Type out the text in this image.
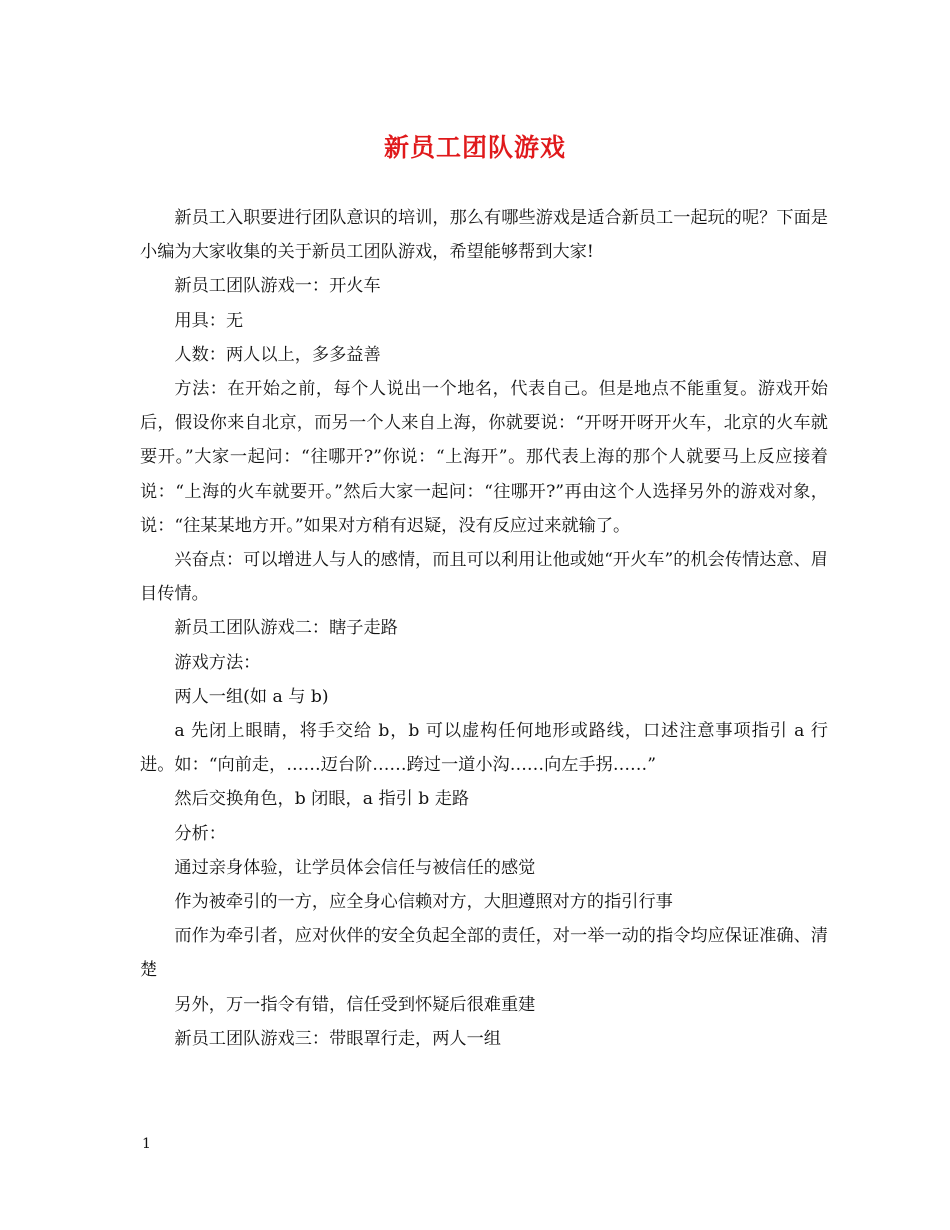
新员工团队游戏

新员工入职要进行团队意识的培训，那么有哪些游戏是适合新员工一起玩的呢？下面是小编为大家收集的关于新员工团队游戏，希望能够帮到大家!

新员工团队游戏一：开火车

用具：无

人数：两人以上，多多益善

方法：在开始之前，每个人说出一个地名，代表自己。但是地点不能重复。游戏开始后，假设你来自北京，而另一个人来自上海，你就要说：“开呀开呀开火车，北京的火车就要开。”大家一起问：“往哪开?”你说：“上海开”。那代表上海的那个人就要马上反应接着说：“上海的火车就要开。”然后大家一起问：“往哪开?”再由这个人选择另外的游戏对象，说：“往某某地方开。”如果对方稍有迟疑，没有反应过来就输了。

兴奋点：可以增进人与人的感情，而且可以利用让他或她“开火车”的机会传情达意、眉目传情。

新员工团队游戏二：瞎子走路

游戏方法：

两人一组(如 a 与 b)

a 先闭上眼睛，将手交给 b，b 可以虚构任何地形或路线，口述注意事项指引 a 行进。如：“向前走，……迈台阶……跨过一道小沟……向左手拐……”

然后交换角色，b 闭眼，a 指引 b 走路

分析：

通过亲身体验，让学员体会信任与被信任的感觉

作为被牵引的一方，应全身心信赖对方，大胆遵照对方的指引行事

而作为牵引者，应对伙伴的安全负起全部的责任，对一举一动的指令均应保证准确、清楚

另外，万一指令有错，信任受到怀疑后很难重建

新员工团队游戏三：带眼罩行走，两人一组

1
